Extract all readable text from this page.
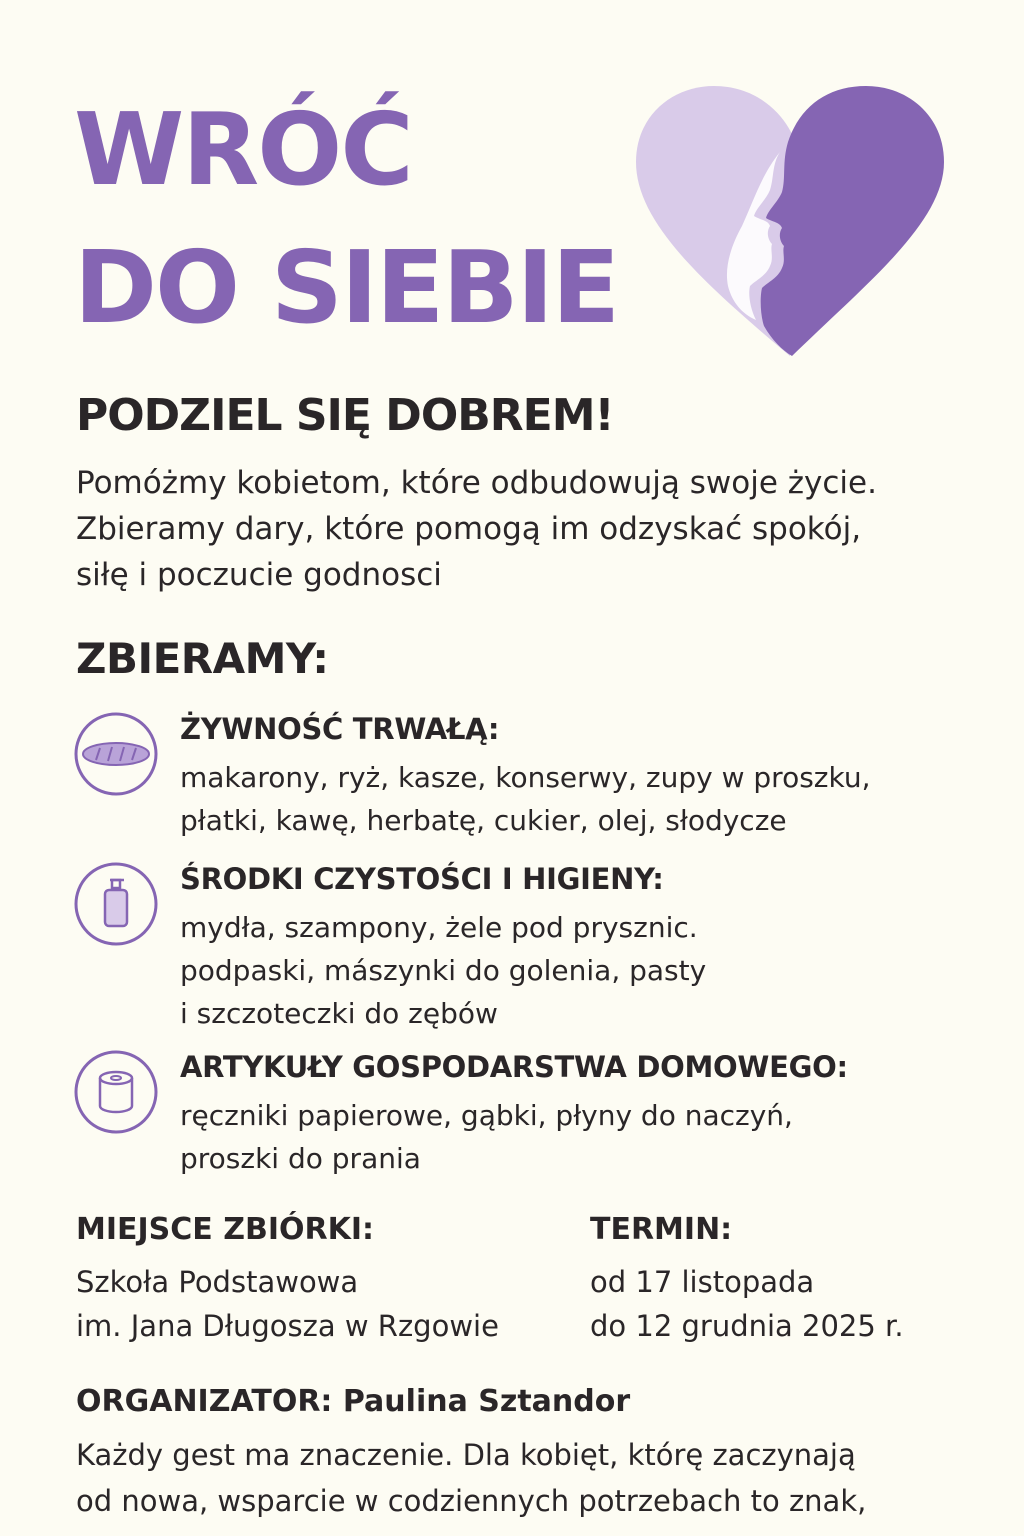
WRÓĆ
DO SIEBIE
PODZIEL SIĘ DOBREM!
Pomóżmy kobietom, które odbudowują swoje życie.
Zbieramy dary, które pomogą im odzyskać spokój,
siłę i poczucie godnosci
ZBIERAMY:
ŻYWNOŚĆ TRWAŁĄ:
makarony, ryż, kasze, konserwy, zupy w proszku,
płatki, kawę, herbatę, cukier, olej, słodycze
ŚRODKI CZYSTOŚCI I HIGIENY:
mydła, szampony, żele pod prysznic.
podpaski, mászynki do golenia, pasty
i szczoteczki do zębów
ARTYKUŁY GOSPODARSTWA DOMOWEGO:
ręczniki papierowe, gąbki, płyny do naczyń,
proszki do prania
MIEJSCE ZBIÓRKI:
Szkoła Podstawowa
im. Jana Długosza w Rzgowie
TERMIN:
od 17 listopada
do 12 grudnia 2025 r.
ORGANIZATOR: Paulina Sztandor
Każdy gest ma znaczenie. Dla kobięt, którę zaczynają
od nowa, wsparcie w codziennych potrzebach to znak,
